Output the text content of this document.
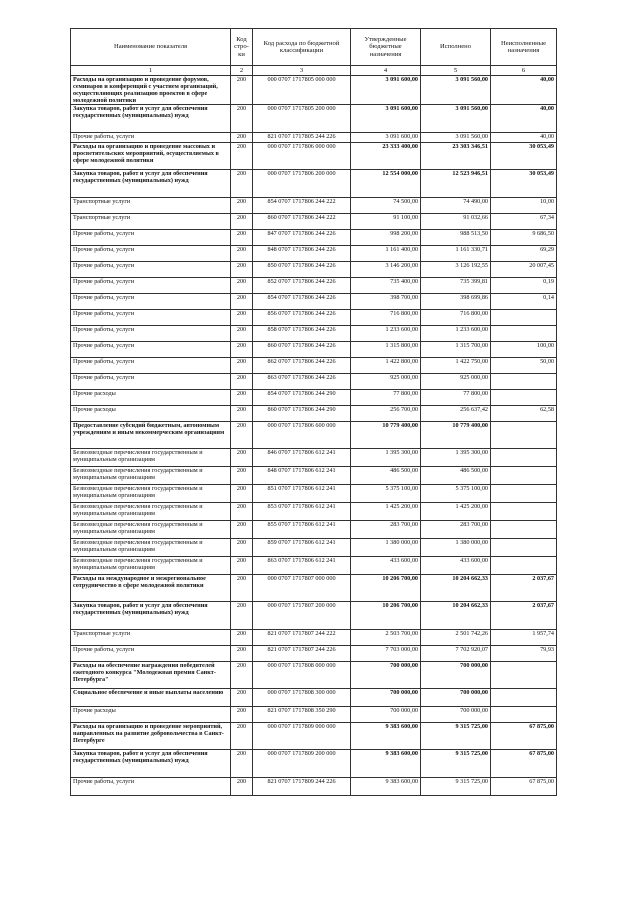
Наименование показателя	Код стро-ки	Код расхода по бюджетной классификации	Утвержденные бюджетные назначения	Исполнено	Неисполненные назначения
1	2	3	4	5	6
Расходы на организацию и проведение форумов, семинаров и конференций с участием организаций, осуществляющих реализацию проектов в сфере молодежной политики	200	000 0707 1717805 000 000	3 091 600,00	3 091 560,00	40,00
Закупка товаров, работ и услуг для обеспечения государственных (муниципальных) нужд	200	000 0707 1717805 200 000	3 091 600,00	3 091 560,00	40,00
Прочие работы, услуги	200	821 0707 1717805 244 226	3 091 600,00	3 091 560,00	40,00
Расходы на организацию и проведение массовых и просветительских мероприятий, осуществляемых в сфере молодежной политики	200	000 0707 1717806 000 000	23 333 400,00	23 303 346,51	30 053,49
Закупка товаров, работ и услуг для обеспечения государственных (муниципальных) нужд	200	000 0707 1717806 200 000	12 554 000,00	12 523 946,51	30 053,49
Транспортные услуги	200	854 0707 1717806 244 222	74 500,00	74 490,00	10,00
Транспортные услуги	200	860 0707 1717806 244 222	91 100,00	91 032,66	67,34
Прочие работы, услуги	200	847 0707 1717806 244 226	998 200,00	988 513,50	9 686,50
Прочие работы, услуги	200	848 0707 1717806 244 226	1 161 400,00	1 161 330,71	69,29
Прочие работы, услуги	200	850 0707 1717806 244 226	3 146 200,00	3 126 192,55	20 007,45
Прочие работы, услуги	200	852 0707 1717806 244 226	735 400,00	735 399,81	0,19
Прочие работы, услуги	200	854 0707 1717806 244 226	398 700,00	398 699,86	0,14
Прочие работы, услуги	200	856 0707 1717806 244 226	716 800,00	716 800,00	
Прочие работы, услуги	200	858 0707 1717806 244 226	1 233 600,00	1 233 600,00	
Прочие работы, услуги	200	860 0707 1717806 244 226	1 315 800,00	1 315 700,00	100,00
Прочие работы, услуги	200	862 0707 1717806 244 226	1 422 800,00	1 422 750,00	50,00
Прочие работы, услуги	200	863 0707 1717806 244 226	925 000,00	925 000,00	
Прочие расходы	200	854 0707 1717806 244 290	77 800,00	77 800,00	
Прочие расходы	200	860 0707 1717806 244 290	256 700,00	256 637,42	62,58
Предоставление субсидий бюджетным, автономным учреждениям и иным некоммерческим организациям	200	000 0707 1717806 600 000	10 779 400,00	10 779 400,00	
Безвозмездные перечисления государственным и муниципальным организациям	200	846 0707 1717806 612 241	1 395 300,00	1 395 300,00	
Безвозмездные перечисления государственным и муниципальным организациям	200	848 0707 1717806 612 241	486 500,00	486 500,00	
Безвозмездные перечисления государственным и муниципальным организациям	200	851 0707 1717806 612 241	5 375 100,00	5 375 100,00	
Безвозмездные перечисления государственным и муниципальным организациям	200	853 0707 1717806 612 241	1 425 200,00	1 425 200,00	
Безвозмездные перечисления государственным и муниципальным организациям	200	855 0707 1717806 612 241	283 700,00	283 700,00	
Безвозмездные перечисления государственным и муниципальным организациям	200	859 0707 1717806 612 241	1 380 000,00	1 380 000,00	
Безвозмездные перечисления государственным и муниципальным организациям	200	863 0707 1717806 612 241	433 600,00	433 600,00	
Расходы на международное и межрегиональное сотрудничество в сфере молодежной политики	200	000 0707 1717807 000 000	10 206 700,00	10 204 662,33	2 037,67
Закупка товаров, работ и услуг для обеспечения государственных (муниципальных) нужд	200	000 0707 1717807 200 000	10 206 700,00	10 204 662,33	2 037,67
Транспортные услуги	200	821 0707 1717807 244 222	2 503 700,00	2 501 742,26	1 957,74
Прочие работы, услуги	200	821 0707 1717807 244 226	7 703 000,00	7 702 920,07	79,93
Расходы на обеспечение награждения победителей ежегодного конкурса "Молодежная премия Санкт-Петербурга"	200	000 0707 1717808 000 000	700 000,00	700 000,00	
Социальное обеспечение и иные выплаты населению	200	000 0707 1717808 300 000	700 000,00	700 000,00	
Прочие расходы	200	821 0707 1717808 350 290	700 000,00	700 000,00	
Расходы на организацию и проведение мероприятий, направленных на развитие добровольчества в Санкт-Петербурге	200	000 0707 1717809 000 000	9 383 600,00	9 315 725,00	67 875,00
Закупка товаров, работ и услуг для обеспечения государственных (муниципальных) нужд	200	000 0707 1717809 200 000	9 383 600,00	9 315 725,00	67 875,00
Прочие работы, услуги	200	821 0707 1717809 244 226	9 383 600,00	9 315 725,00	67 875,00
